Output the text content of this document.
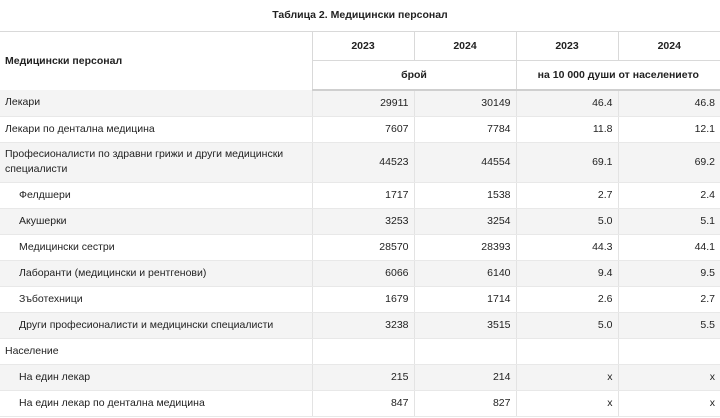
Таблица 2. Медицински персонал
Медицински персонал	2023	2024	2023	2024
	брой		на 10 000 души от населението	
Лекари	29911	30149	46.4	46.8
Лекари по дентална медицина	7607	7784	11.8	12.1
Професионалисти по здравни грижи и други медицински специалисти	44523	44554	69.1	69.2
Фелдшери	1717	1538	2.7	2.4
Акушерки	3253	3254	5.0	5.1
Медицински сестри	28570	28393	44.3	44.1
Лаборанти (медицински и рентгенови)	6066	6140	9.4	9.5
Зъботехници	1679	1714	2.6	2.7
Други професионалисти и медицински специалисти	3238	3515	5.0	5.5
Население				
На един лекар	215	214	x	x
На един лекар по дентална медицина	847	827	x	x
